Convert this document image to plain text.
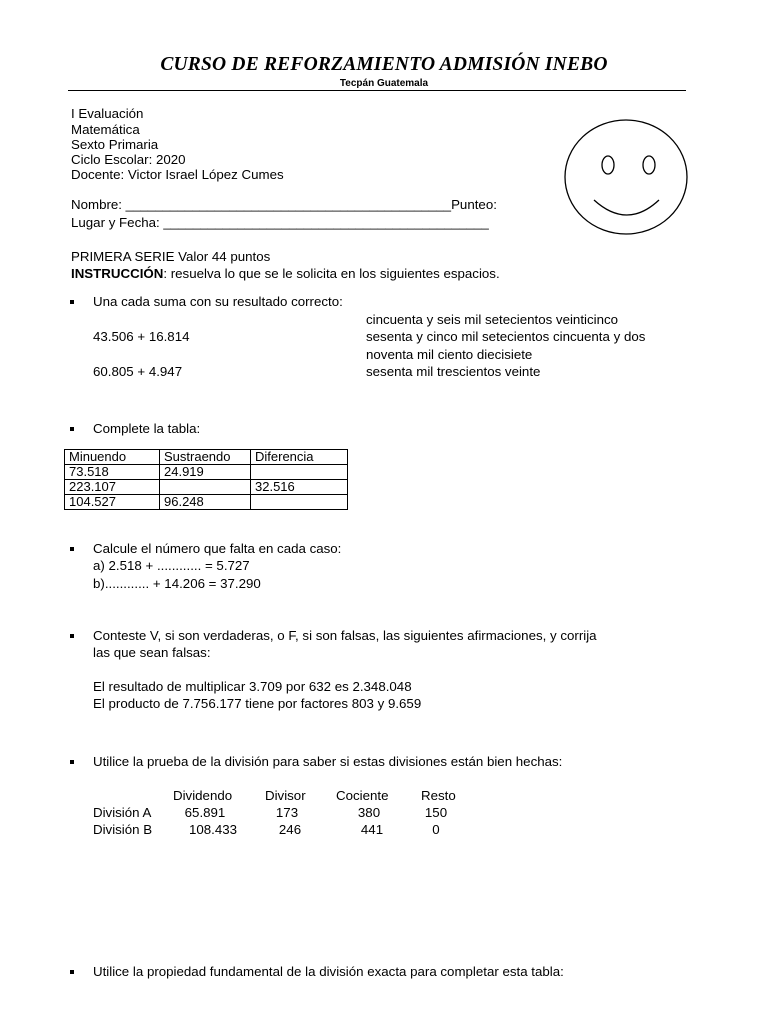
CURSO DE REFORZAMIENTO ADMISIÓN INEBO
Tecpán Guatemala
I Evaluación
Matemática
Sexto Primaria
Ciclo Escolar: 2020
Docente: Victor Israel López Cumes
Nombre: ____________________________________________Punteo:
Lugar y Fecha: ____________________________________________
PRIMERA SERIE Valor 44 puntos
INSTRUCCIÓN: resuelva lo que se le solicita en los siguientes espacios.
Una cada suma con su resultado correcto:
cincuenta y seis mil setecientos veinticinco
43.506 + 16.814	sesenta y cinco mil setecientos cincuenta y dos
noventa mil ciento diecisiete
60.805 + 4.947	sesenta mil trescientos veinte
Complete la tabla:
Minuendo	Sustraendo	Diferencia
73.518	24.919	
223.107		32.516
104.527	96.248	
Calcule el número que falta en cada caso:
a) 2.518 + ............ = 5.727
b)............ + 14.206 = 37.290
Conteste V, si son verdaderas, o F, si son falsas, las siguientes afirmaciones, y corrija
las que sean falsas:
El resultado de multiplicar 3.709 por 632 es 2.348.048
El producto de 7.756.177 tiene por factores 803 y 9.659
Utilice la prueba de la división para saber si estas divisiones están bien hechas:
Dividendo Divisor Cociente Resto
División A	65.891	173	380	150
División B	108.433	246	441	0
Utilice la propiedad fundamental de la división exacta para completar esta tabla:
